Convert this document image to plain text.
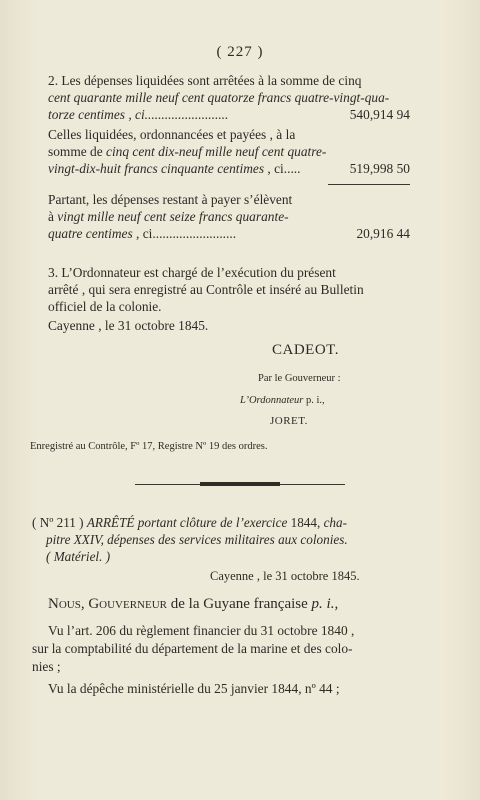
( 227 )
2. Les dépenses liquidées sont arrêtées à la somme de cinq
cent quarante mille neuf cent quatorze francs quatre-vingt-qua-
torze centimes , ci.........................	540,914 94
Celles liquidées, ordonnancées et payées , à la
somme de cinq cent dix-neuf mille neuf cent quatre-
vingt-dix-huit francs cinquante centimes , ci.....	519,998 50
Partant, les dépenses restant à payer s’élèvent
à vingt mille neuf cent seize francs quarante-
quatre centimes , ci.........................	20,916 44
3. L’Ordonnateur est chargé de l’exécution du présent
arrêté , qui sera enregistré au Contrôle et inséré au Bulletin
officiel de la colonie.
Cayenne , le 31 octobre 1845.
CADEOT.
Par le Gouverneur :
L’Ordonnateur p. i.,
JORET.
Enregistré au Contrôle, Fº 17, Registre Nº 19 des ordres.
( Nº 211 ) ARRÊTÉ portant clôture de l’exercice 1844, cha-
pitre XXIV, dépenses des services militaires aux colonies.
( Matériel. )
Cayenne , le 31 octobre 1845.
Nous, Gouverneur de la Guyane française p. i.,
Vu l’art. 206 du règlement financier du 31 octobre 1840 ,
sur la comptabilité du département de la marine et des colo-
nies ;
Vu la dépêche ministérielle du 25 janvier 1844, nº 44 ;
